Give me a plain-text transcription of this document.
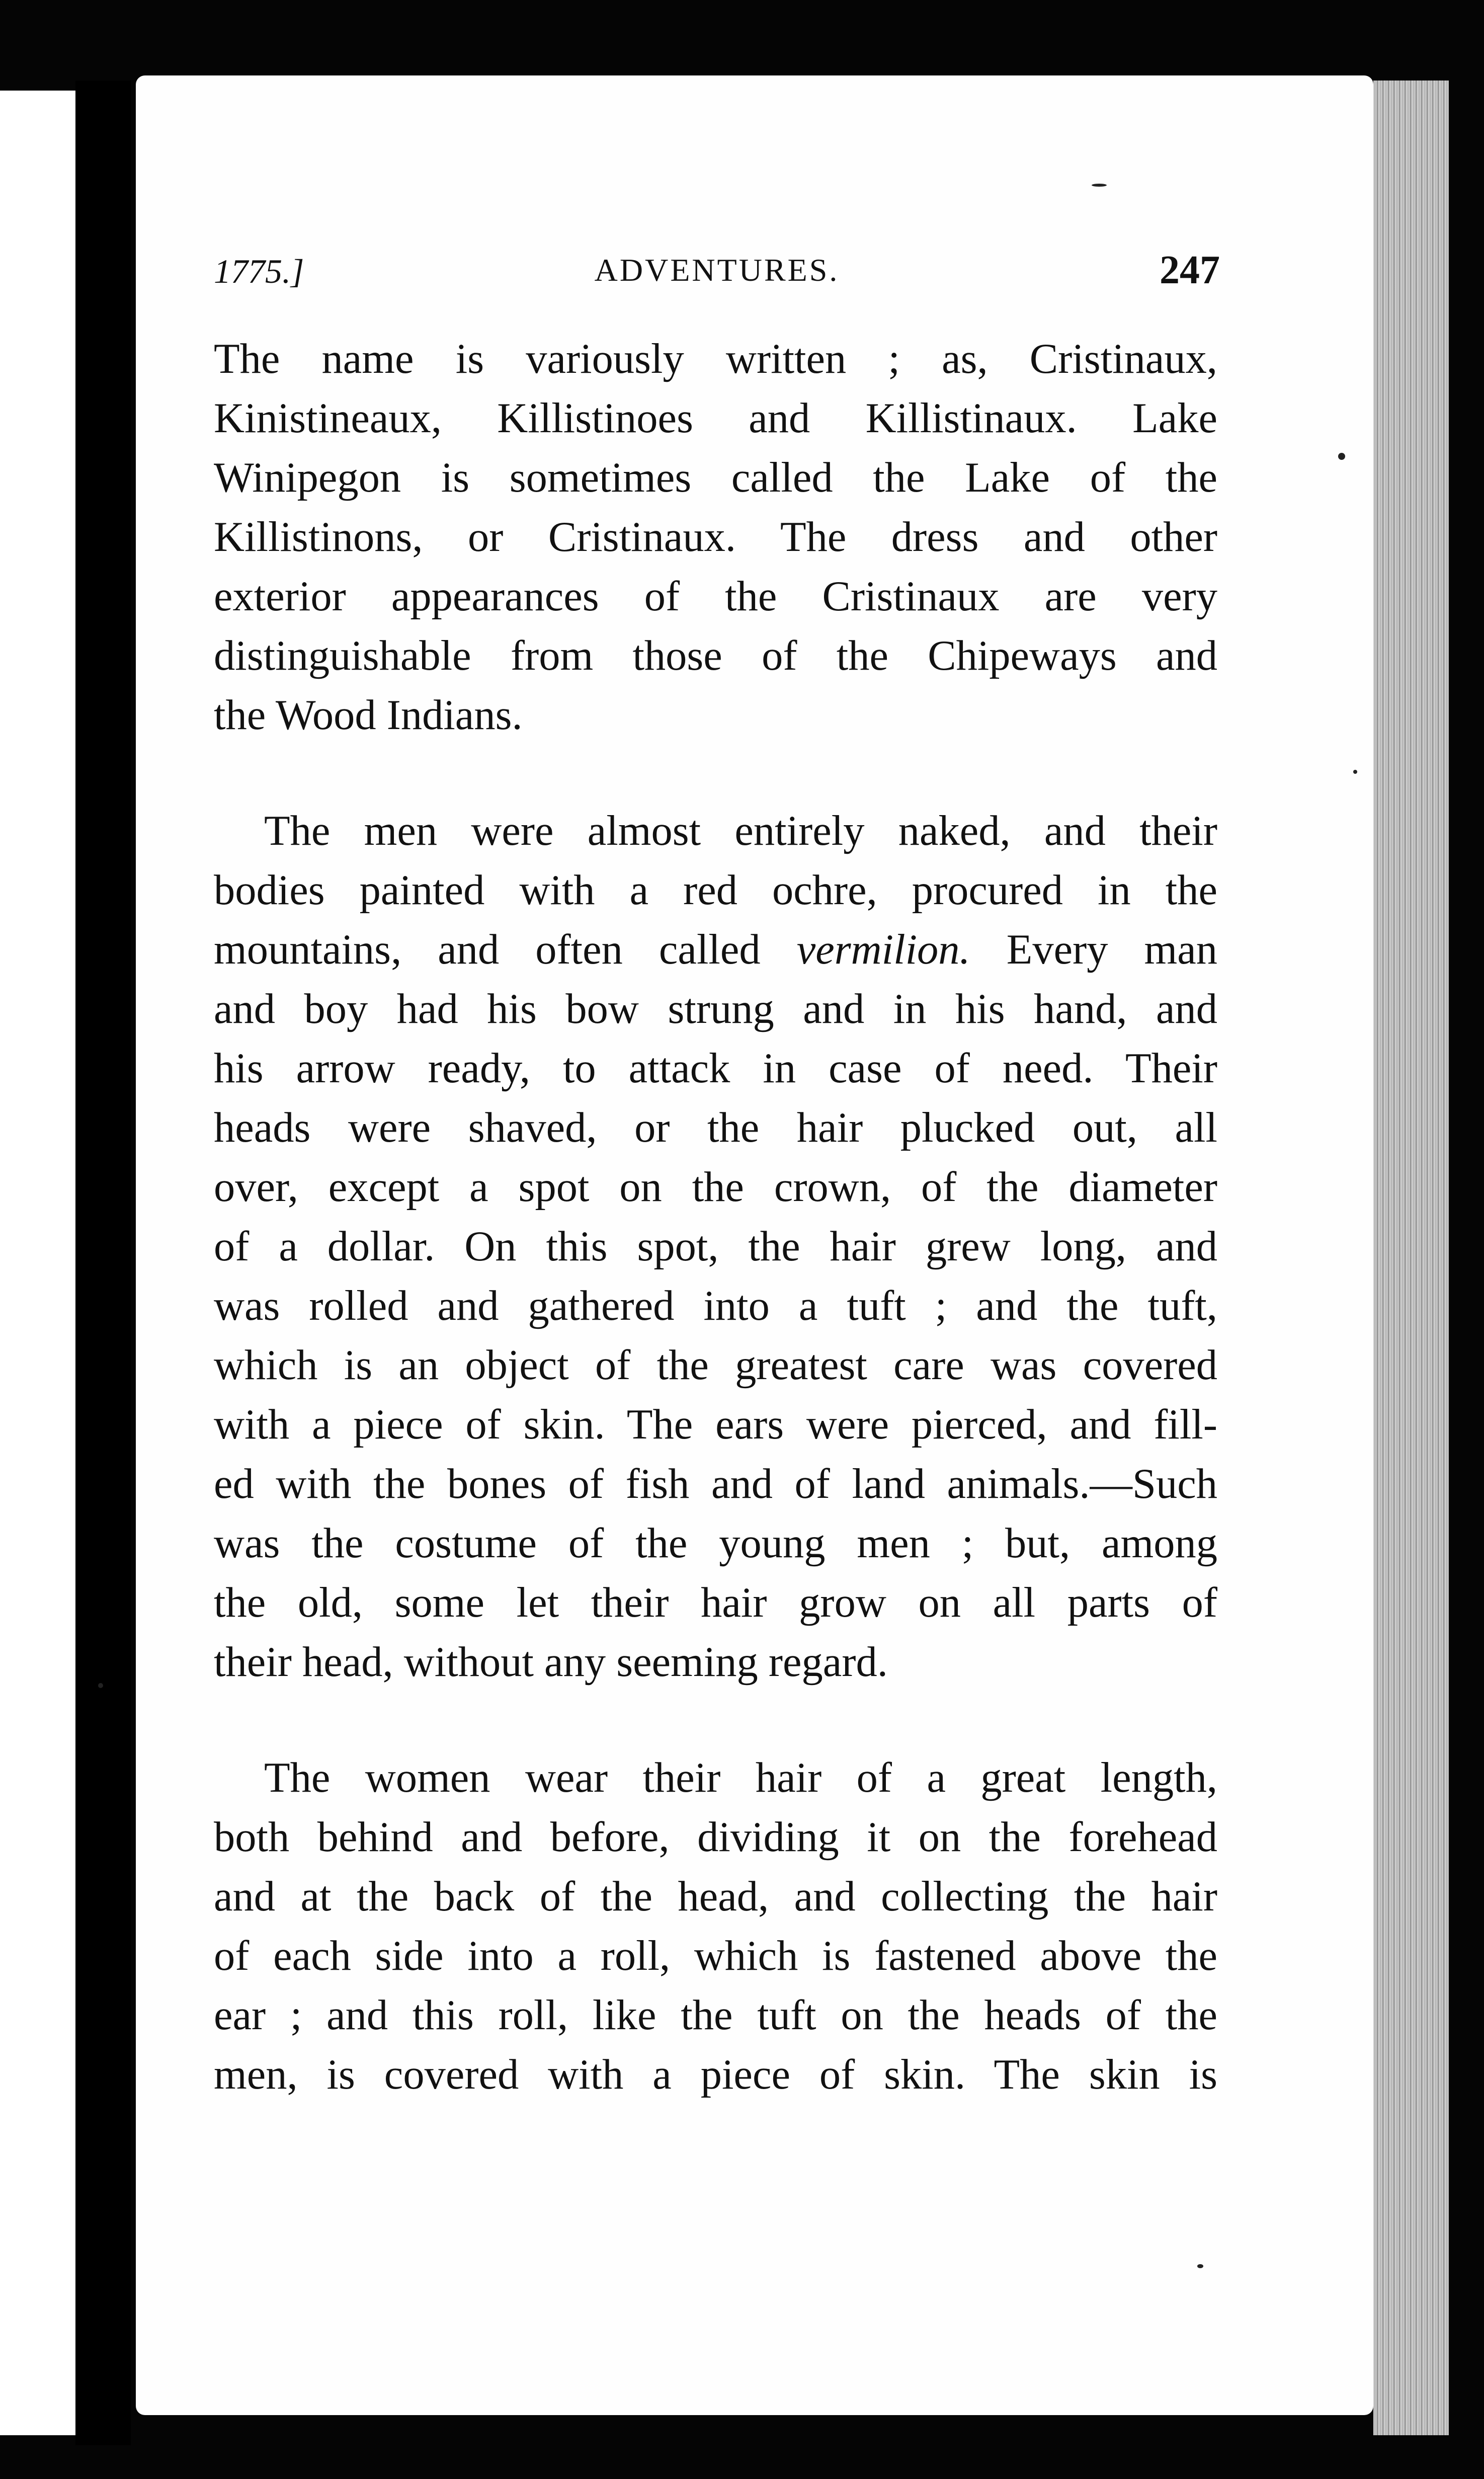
1775.]	ADVENTURES.	247
The name is variously written ; as, Cristinaux,
Kinistineaux, Killistinoes and Killistinaux. Lake
Winipegon is sometimes called the Lake of the
Killistinons, or Cristinaux. The dress and other
exterior appearances of the Cristinaux are very
distinguishable from those of the Chipeways and
the Wood Indians.
The men were almost entirely naked, and their
bodies painted with a red ochre, procured in the
mountains, and often called vermilion. Every man
and boy had his bow strung and in his hand, and
his arrow ready, to attack in case of need. Their
heads were shaved, or the hair plucked out, all
over, except a spot on the crown, of the diameter
of a dollar. On this spot, the hair grew long, and
was rolled and gathered into a tuft ; and the tuft,
which is an object of the greatest care was covered
with a piece of skin. The ears were pierced, and fill-
ed with the bones of fish and of land animals.—Such
was the costume of the young men ; but, among
the old, some let their hair grow on all parts of
their head, without any seeming regard.
The women wear their hair of a great length,
both behind and before, dividing it on the forehead
and at the back of the head, and collecting the hair
of each side into a roll, which is fastened above the
ear ; and this roll, like the tuft on the heads of the
men, is covered with a piece of skin. The skin is
